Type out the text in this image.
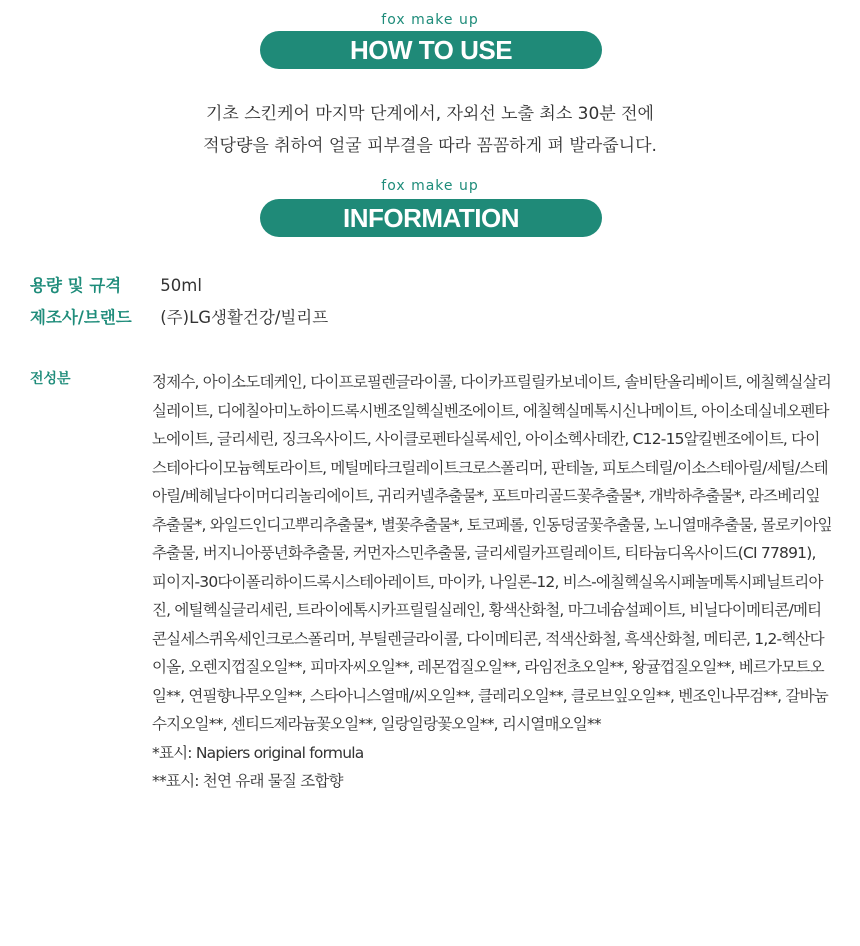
fox make up
HOW TO USE
기초 스킨케어 마지막 단계에서, 자외선 노출 최소 30분 전에
적당량을 취하여 얼굴 피부결을 따라 꼼꼼하게 펴 발라줍니다.
fox make up
INFORMATION
용량 및 규격 50ml
제조사/브랜드 (주)LG생활건강/빌리프
전성분	정제수, 아이소도데케인, 다이프로필렌글라이콜, 다이카프릴릴카보네이트, 솔비탄올리베이트, 에칠헥실살리실레이트, 디에칠아미노하이드록시벤조일헥실벤조에이트, 에칠헥실메톡시신나메이트, 아이소데실네오펜타노에이트, 글리세린, 징크옥사이드, 사이클로펜타실록세인, 아이소헥사데칸, C12-15알킬벤조에이트, 다이스테아다이모늄헥토라이트, 메틸메타크릴레이트크로스폴리머, 판테놀, 피토스테릴/이소스테아릴/세틸/스테아릴/베헤닐다이머디리놀리에이트, 귀리커넬추출물*, 포트마리골드꽃추출물*, 개박하추출물*, 라즈베리잎추출물*, 와일드인디고뿌리추출물*, 별꽃추출물*, 토코페롤, 인동덩굴꽃추출물, 노니열매추출물, 몰로키아잎추출물, 버지니아풍년화추출물, 커먼자스민추출물, 글리세릴카프릴레이트, 티타늄디옥사이드(CI 77891), 피이지-30다이폴리하이드록시스테아레이트, 마이카, 나일론-12, 비스-에칠헥실옥시페놀메톡시페닐트리아진, 에틸헥실글리세린, 트라이에톡시카프릴릴실레인, 황색산화철, 마그네슘설페이트, 비닐다이메티콘/메티콘실세스퀴옥세인크로스폴리머, 부틸렌글라이콜, 다이메티콘, 적색산화철, 흑색산화철, 메티콘, 1,2-헥산다이올, 오렌지껍질오일**, 피마자씨오일**, 레몬껍질오일**, 라임전초오일**, 왕귤껍질오일**, 베르가모트오일**, 연필향나무오일**, 스타아니스열매/씨오일**, 클레리오일**, 클로브잎오일**, 벤조인나무검**, 갈바눔수지오일**, 센티드제라늄꽃오일**, 일랑일랑꽃오일**, 리시열매오일**
*표시: Napiers original formula
**표시: 천연 유래 물질 조합향
